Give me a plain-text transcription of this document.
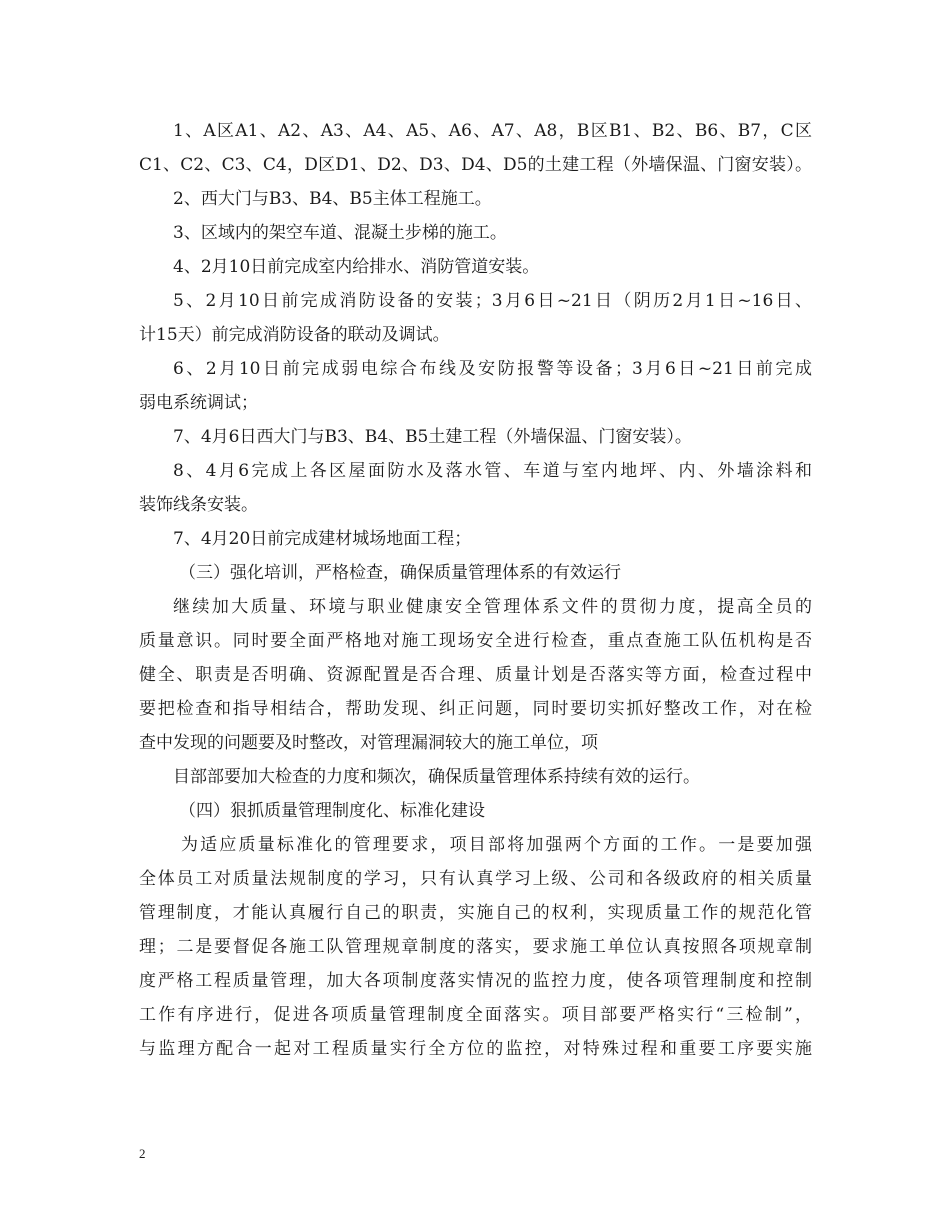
1、A区A1、A2、A3、A4、A5、A6、A7、A8，B区B1、B2、B6、B7，C区

C1、C2、C3、C4，D区D1、D2、D3、D4、D5的土建工程（外墙保温、门窗安装）。

2、西大门与B3、B4、B5主体工程施工。

3、区域内的架空车道、混凝土步梯的施工。

4、2月10日前完成室内给排水、消防管道安装。

5、2月10日前完成消防设备的安装；3月6日~21日（阴历2月1日~16日、

计15天）前完成消防设备的联动及调试。

6、2月10日前完成弱电综合布线及安防报警等设备；3月6日~21日前完成

弱电系统调试；

7、4月6日西大门与B3、B4、B5土建工程（外墙保温、门窗安装）。

8、4月6完成上各区屋面防水及落水管、车道与室内地坪、内、外墙涂料和

装饰线条安装。

7、4月20日前完成建材城场地面工程；

（三）强化培训，严格检查，确保质量管理体系的有效运行

继续加大质量、环境与职业健康安全管理体系文件的贯彻力度，提高全员的

质量意识。同时要全面严格地对施工现场安全进行检查，重点查施工队伍机构是否

健全、职责是否明确、资源配置是否合理、质量计划是否落实等方面，检查过程中

要把检查和指导相结合，帮助发现、纠正问题，同时要切实抓好整改工作，对在检

查中发现的问题要及时整改，对管理漏洞较大的施工单位，项

目部部要加大检查的力度和频次，确保质量管理体系持续有效的运行。

（四）狠抓质量管理制度化、标准化建设

为适应质量标准化的管理要求，项目部将加强两个方面的工作。一是要加强

全体员工对质量法规制度的学习，只有认真学习上级、公司和各级政府的相关质量

管理制度，才能认真履行自己的职责，实施自己的权利，实现质量工作的规范化管

理；二是要督促各施工队管理规章制度的落实，要求施工单位认真按照各项规章制

度严格工程质量管理，加大各项制度落实情况的监控力度，使各项管理制度和控制

工作有序进行，促进各项质量管理制度全面落实。项目部要严格实行“三检制”，

与监理方配合一起对工程质量实行全方位的监控，对特殊过程和重要工序要实施

2
